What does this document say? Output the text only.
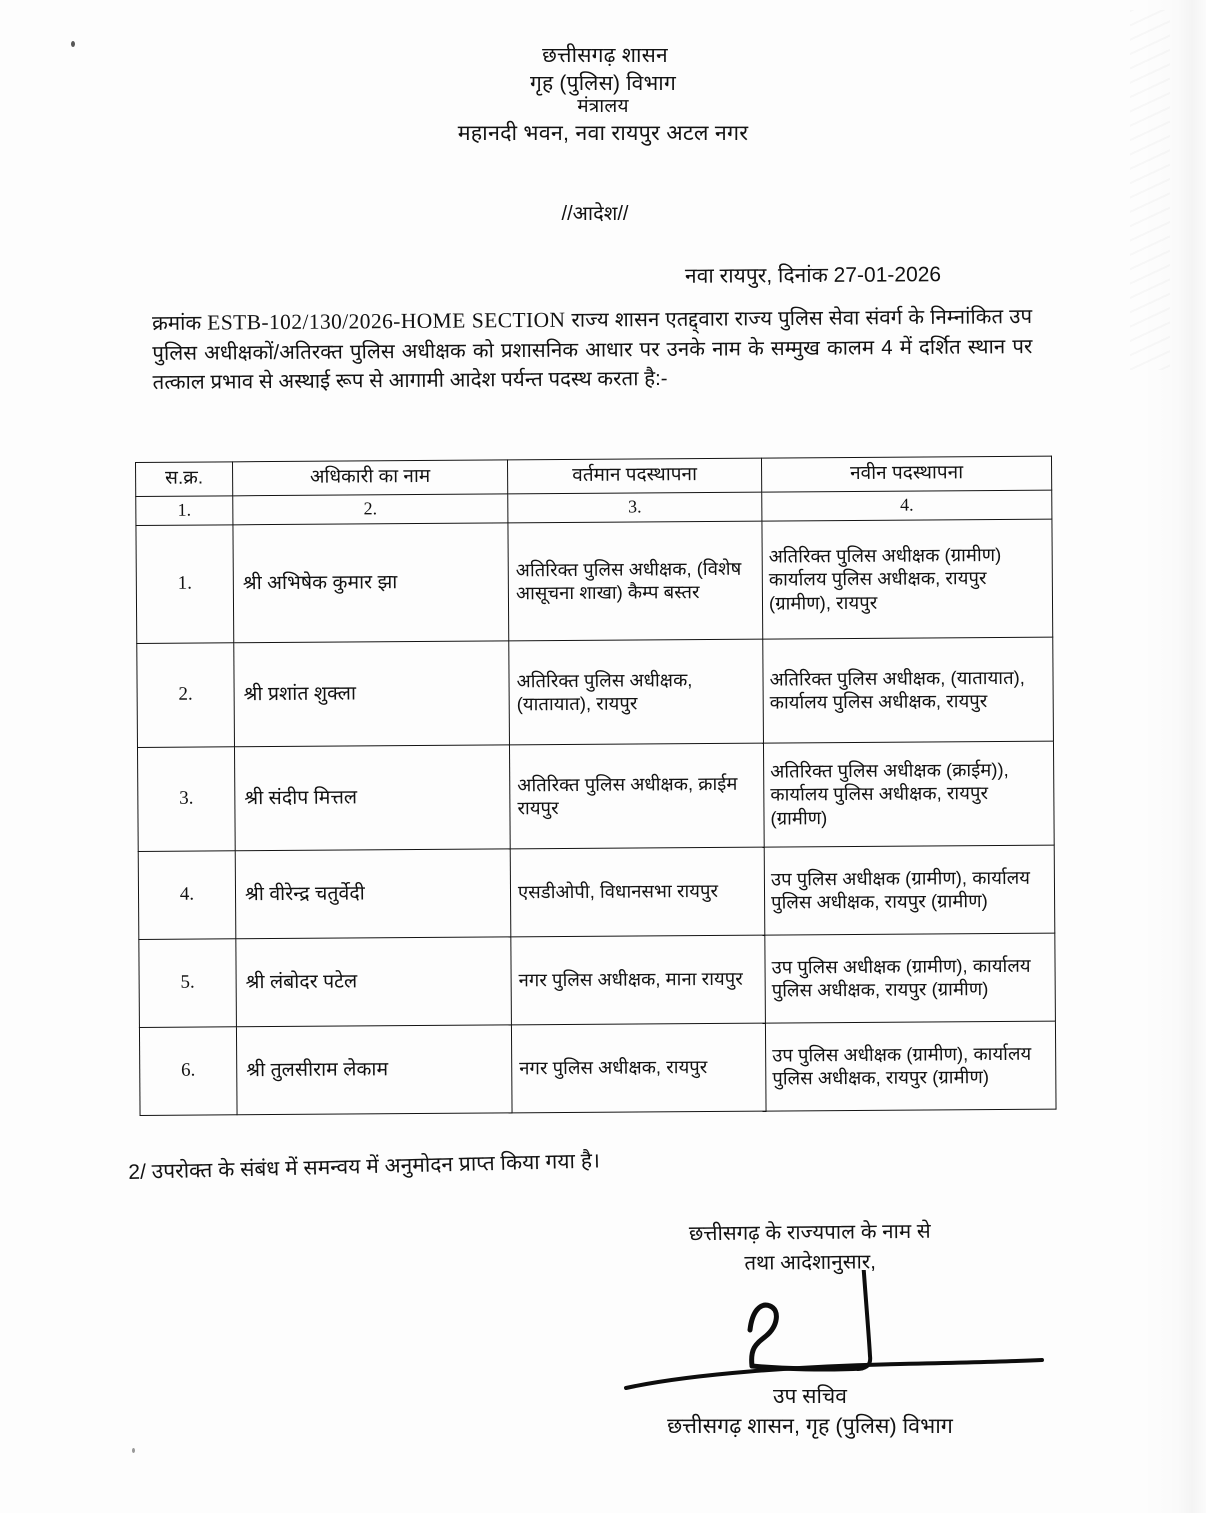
छत्तीसगढ़ शासन
गृह (पुलिस) विभाग
मंत्रालय
महानदी भवन, नवा रायपुर अटल नगर
//आदेश//
नवा रायपुर, दिनांक 27-01-2026
क्रमांक ESTB-102/130/2026-HOME SECTION राज्य शासन एतद्द्वारा राज्य पुलिस सेवा संवर्ग के निम्नांकित उप पुलिस अधीक्षकों/अतिरक्त पुलिस अधीक्षक को प्रशासनिक आधार पर उनके नाम के सम्मुख कालम 4 में दर्शित स्थान पर तत्काल प्रभाव से अस्थाई रूप से आगामी आदेश पर्यन्त पदस्थ करता है:-
स.क्र.	अधिकारी का नाम	वर्तमान पदस्थापना	नवीन पदस्थापना
1.	2.	3.	4.
1.	श्री अभिषेक कुमार झा	अतिरिक्त पुलिस अधीक्षक, (विशेष आसूचना शाखा) कैम्प बस्तर	अतिरिक्त पुलिस अधीक्षक (ग्रामीण) कार्यालय पुलिस अधीक्षक, रायपुर (ग्रामीण), रायपुर
2.	श्री प्रशांत शुक्ला	अतिरिक्त पुलिस अधीक्षक, (यातायात), रायपुर	अतिरिक्त पुलिस अधीक्षक, (यातायात), कार्यालय पुलिस अधीक्षक, रायपुर
3.	श्री संदीप मित्तल	अतिरिक्त पुलिस अधीक्षक, क्राईम रायपुर	अतिरिक्त पुलिस अधीक्षक (क्राईम)), कार्यालय पुलिस अधीक्षक, रायपुर (ग्रामीण)
4.	श्री वीरेन्द्र चतुर्वेदी	एसडीओपी, विधानसभा रायपुर	उप पुलिस अधीक्षक (ग्रामीण), कार्यालय पुलिस अधीक्षक, रायपुर (ग्रामीण)
5.	श्री लंबोदर पटेल	नगर पुलिस अधीक्षक, माना रायपुर	उप पुलिस अधीक्षक (ग्रामीण), कार्यालय पुलिस अधीक्षक, रायपुर (ग्रामीण)
6.	श्री तुलसीराम लेकाम	नगर पुलिस अधीक्षक, रायपुर	उप पुलिस अधीक्षक (ग्रामीण), कार्यालय पुलिस अधीक्षक, रायपुर (ग्रामीण)
2/ उपरोक्त के संबंध में समन्वय में अनुमोदन प्राप्त किया गया है।
छत्तीसगढ़ के राज्यपाल के नाम से
तथा आदेशानुसार,
उप सचिव
छत्तीसगढ़ शासन, गृह (पुलिस) विभाग
